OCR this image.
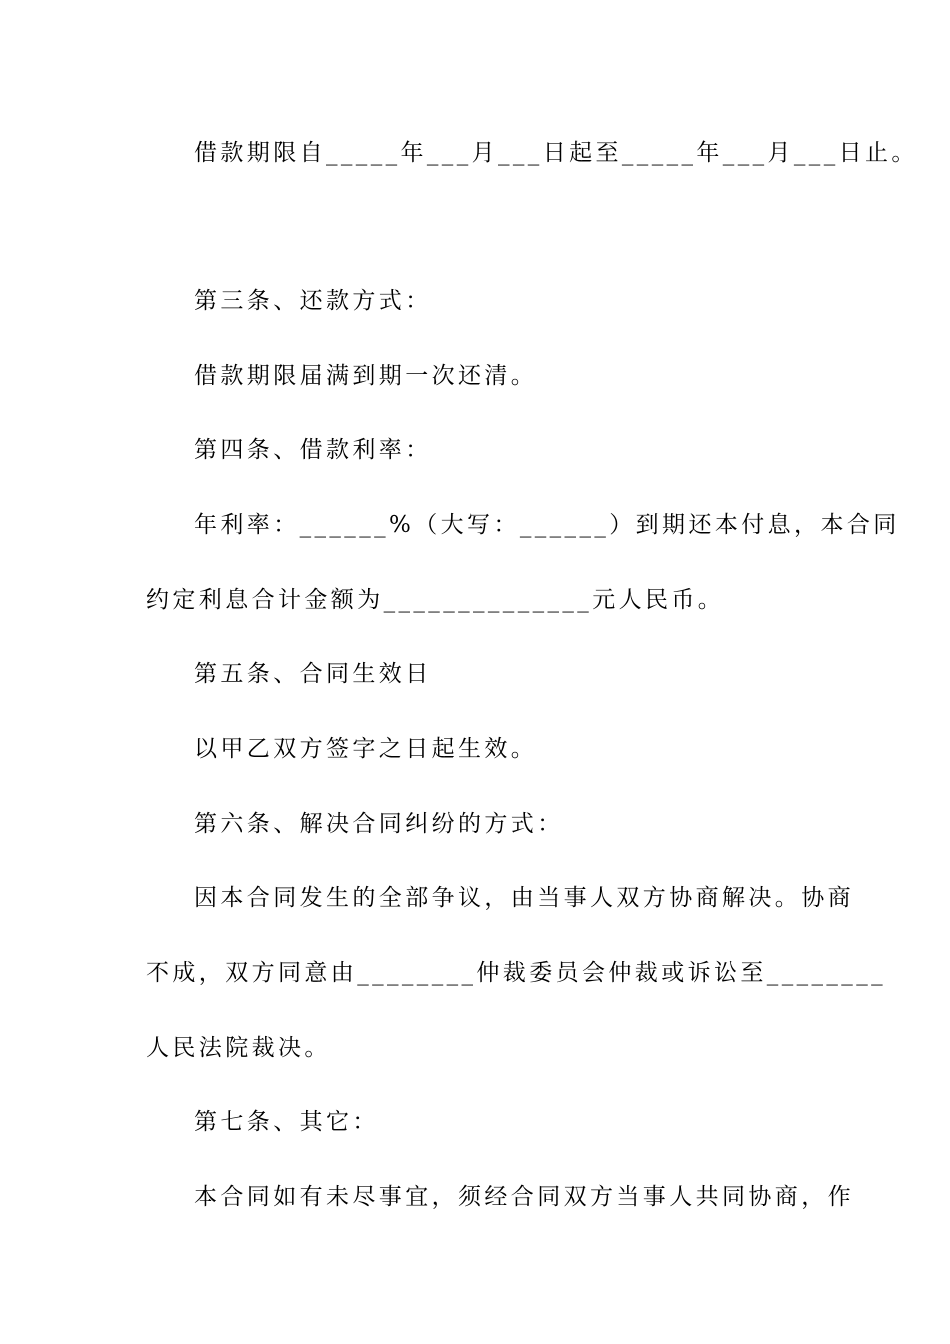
借款期限自_____年___月___日起至_____年___月___日止。
第三条、还款方式：
借款期限届满到期一次还清。
第四条、借款利率：
年利率：______%（大写：______）到期还本付息，本合同
约定利息合计金额为______________元人民币。
第五条、合同生效日
以甲乙双方签字之日起生效。
第六条、解决合同纠纷的方式：
因本合同发生的全部争议，由当事人双方协商解决。协商
不成，双方同意由________仲裁委员会仲裁或诉讼至________
人民法院裁决。
第七条、其它：
本合同如有未尽事宜，须经合同双方当事人共同协商，作
